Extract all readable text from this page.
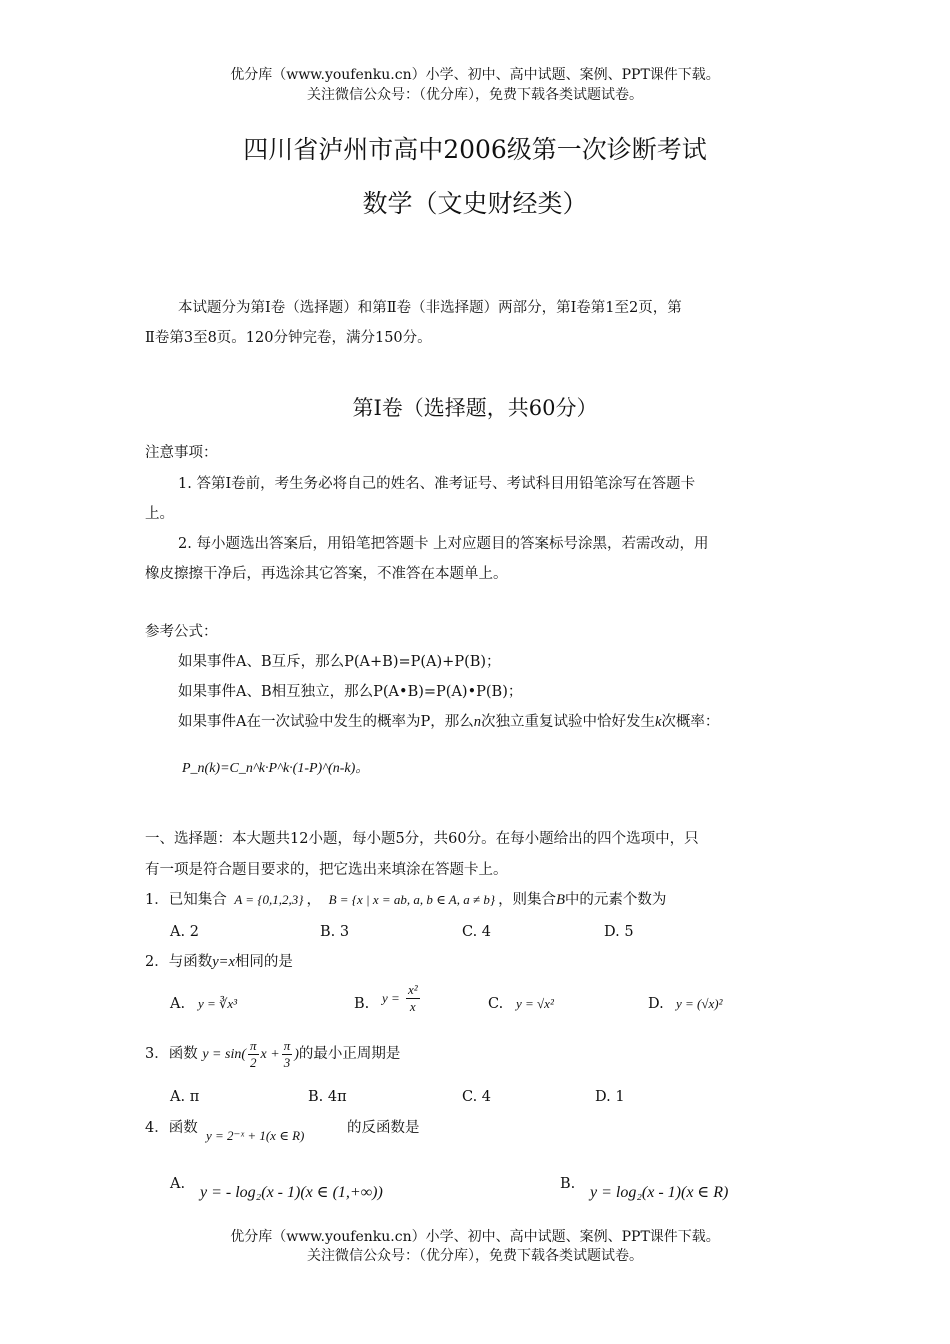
优分库（www.youfenku.cn）小学、初中、高中试题、案例、PPT课件下载。
关注微信公众号：（优分库），免费下载各类试题试卷。
四川省泸州市高中2006级第一次诊断考试
数学（文史财经类）
本试题分为第Ⅰ卷（选择题）和第Ⅱ卷（非选择题）两部分，第Ⅰ卷第1至2页，第
Ⅱ卷第3至8页。120分钟完卷，满分150分。
第Ⅰ卷（选择题，共60分）
注意事项：
1. 答第Ⅰ卷前，考生务必将自己的姓名、准考证号、考试科目用铅笔涂写在答题卡
上。
2. 每小题选出答案后，用铅笔把答题卡 上对应题目的答案标号涂黑，若需改动，用
橡皮擦擦干净后，再选涂其它答案，不准答在本题单上。
参考公式：
如果事件A、B互斥，那么P(A+B)=P(A)+P(B)；
如果事件A、B相互独立，那么P(A•B)=P(A)•P(B)；
如果事件A在一次试验中发生的概率为P，那么n次独立重复试验中恰好发生k次概率：
P_n(k)=C_n^k·P^k·(1-P)^(n-k)。
一、选择题：本大题共12小题，每小题5分，共60分。在每小题给出的四个选项中，只
有一项是符合题目要求的，把它选出来填涂在答题卡上。
1．已知集合 A = {0,1,2,3} ， B = {x | x = ab, a, b ∈ A, a ≠ b} ，则集合B中的元素个数为
A. 2	B. 3	C. 4	D. 5
2．与函数y=x相同的是
A. y = ∛x³	B. $y = \frac{\text{x²}}{x}$	C. y = √x²	D. y = (√x)²
3．函数 $y = \sin( \frac{\pi}{2}$ $x + \frac{\pi}{3}$ )的最小正周期是
A. π	B. 4π	C. 4	D. 1
4．函数 y = 2⁻ˣ + 1(x ∈ R)	的反函数是
A. y = - log₂(x - 1)(x ∈ (1,+∞))	B. y = log₂(x - 1)(x ∈ R)
优分库（www.youfenku.cn）小学、初中、高中试题、案例、PPT课件下载。
关注微信公众号：（优分库），免费下载各类试题试卷。
